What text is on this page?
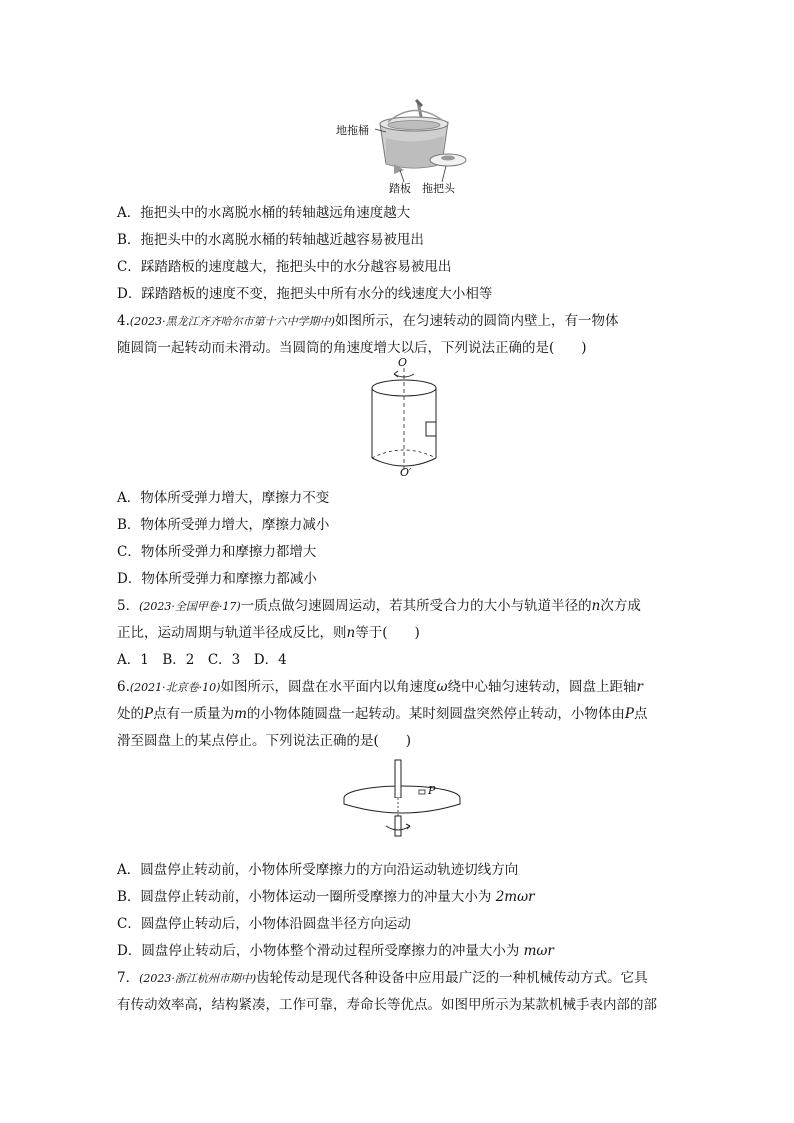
地拖桶
踏板 拖把头
A．拖把头中的水离脱水桶的转轴越远角速度越大
B．拖把头中的水离脱水桶的转轴越近越容易被甩出
C．踩踏踏板的速度越大，拖把头中的水分越容易被甩出
D．踩踏踏板的速度不变，拖把头中所有水分的线速度大小相等
4.(2023·黑龙江齐齐哈尔市第十六中学期中)如图所示，在匀速转动的圆筒内壁上，有一物体
随圆筒一起转动而未滑动。当圆筒的角速度增大以后，下列说法正确的是(　　)
O
O′
A．物体所受弹力增大，摩擦力不变
B．物体所受弹力增大，摩擦力减小
C．物体所受弹力和摩擦力都增大
D．物体所受弹力和摩擦力都减小
5．(2023·全国甲卷·17)一质点做匀速圆周运动，若其所受合力的大小与轨道半径的n次方成
正比，运动周期与轨道半径成反比，则n等于(　　)
A．1　B．2　C．3　D．4
6.(2021·北京卷·10)如图所示，圆盘在水平面内以角速度ω绕中心轴匀速转动，圆盘上距轴r
处的P点有一质量为m的小物体随圆盘一起转动。某时刻圆盘突然停止转动，小物体由P点
滑至圆盘上的某点停止。下列说法正确的是(　　)
P
A．圆盘停止转动前，小物体所受摩擦力的方向沿运动轨迹切线方向
B．圆盘停止转动前，小物体运动一圈所受摩擦力的冲量大小为 2mωr
C．圆盘停止转动后，小物体沿圆盘半径方向运动
D．圆盘停止转动后，小物体整个滑动过程所受摩擦力的冲量大小为 mωr
7．(2023·浙江杭州市期中)齿轮传动是现代各种设备中应用最广泛的一种机械传动方式。它具
有传动效率高，结构紧凑，工作可靠，寿命长等优点。如图甲所示为某款机械手表内部的部
